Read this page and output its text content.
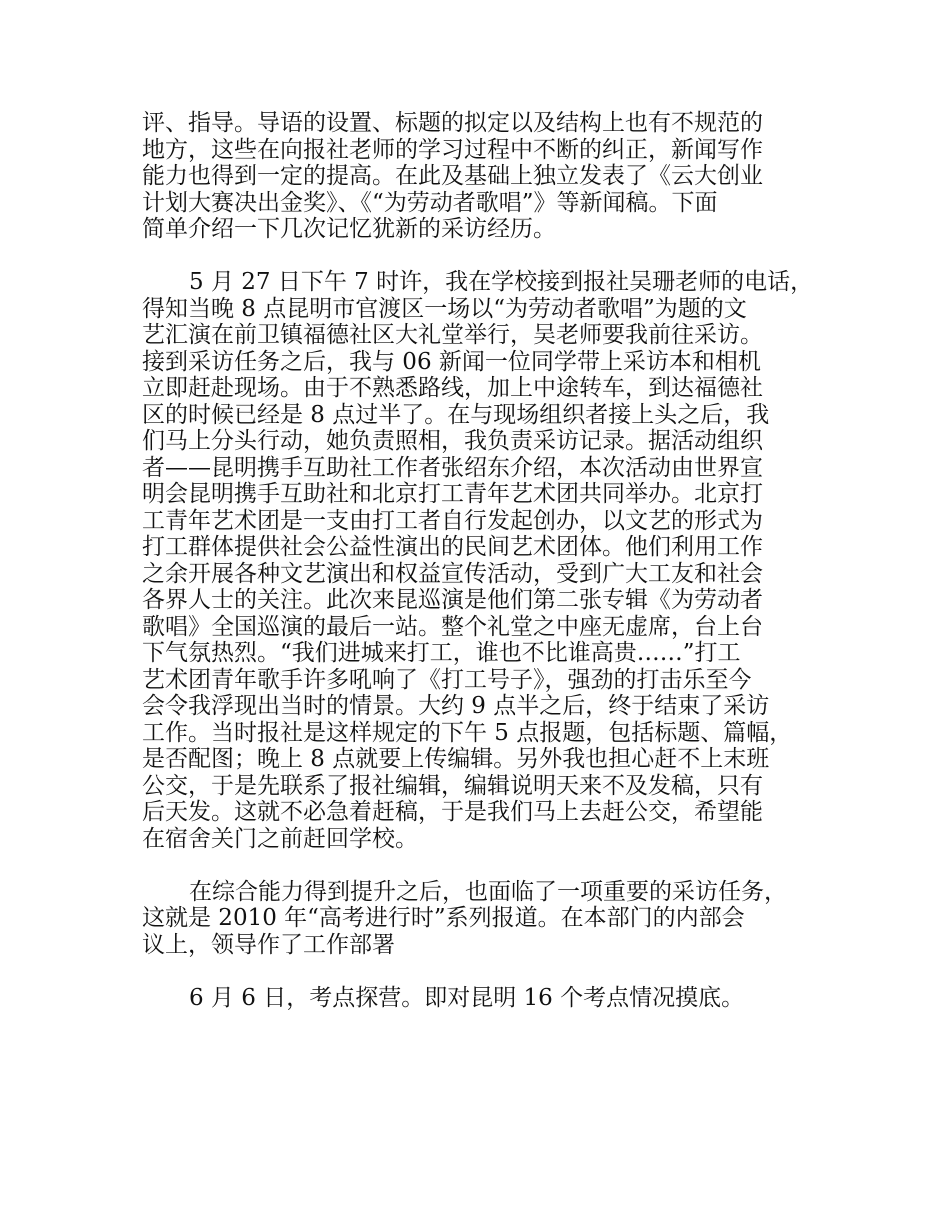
评、指导。导语的设置、标题的拟定以及结构上也有不规范的
地方，这些在向报社老师的学习过程中不断的纠正，新闻写作
能力也得到一定的提高。在此及基础上独立发表了《云大创业
计划大赛决出金奖》、《“为劳动者歌唱”》等新闻稿。下面
简单介绍一下几次记忆犹新的采访经历。
5 月 27 日下午 7 时许，我在学校接到报社吴珊老师的电话，
得知当晚 8 点昆明市官渡区一场以“为劳动者歌唱”为题的文
艺汇演在前卫镇福德社区大礼堂举行，吴老师要我前往采访。
接到采访任务之后，我与 06 新闻一位同学带上采访本和相机
立即赶赴现场。由于不熟悉路线，加上中途转车，到达福德社
区的时候已经是 8 点过半了。在与现场组织者接上头之后，我
们马上分头行动，她负责照相，我负责采访记录。据活动组织
者——昆明携手互助社工作者张绍东介绍，本次活动由世界宣
明会昆明携手互助社和北京打工青年艺术团共同举办。北京打
工青年艺术团是一支由打工者自行发起创办，以文艺的形式为
打工群体提供社会公益性演出的民间艺术团体。他们利用工作
之余开展各种文艺演出和权益宣传活动，受到广大工友和社会
各界人士的关注。此次来昆巡演是他们第二张专辑《为劳动者
歌唱》全国巡演的最后一站。整个礼堂之中座无虚席，台上台
下气氛热烈。“我们进城来打工，谁也不比谁高贵……”打工
艺术团青年歌手许多吼响了《打工号子》，强劲的打击乐至今
会令我浮现出当时的情景。大约 9 点半之后，终于结束了采访
工作。当时报社是这样规定的下午 5 点报题，包括标题、篇幅，
是否配图；晚上 8 点就要上传编辑。另外我也担心赶不上末班
公交，于是先联系了报社编辑，编辑说明天来不及发稿，只有
后天发。这就不必急着赶稿，于是我们马上去赶公交，希望能
在宿舍关门之前赶回学校。
在综合能力得到提升之后，也面临了一项重要的采访任务，
这就是 2010 年“高考进行时”系列报道。在本部门的内部会
议上，领导作了工作部署
6 月 6 日，考点探营。即对昆明 16 个考点情况摸底。
